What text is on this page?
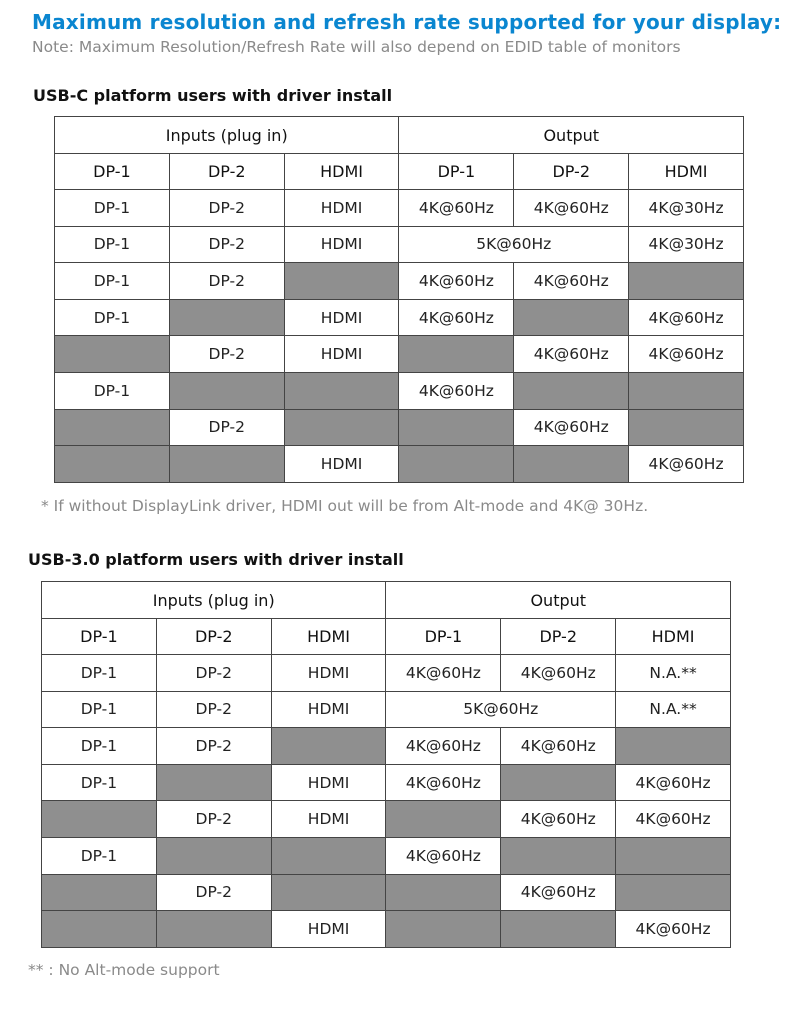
Maximum resolution and refresh rate supported for your display:

Note: Maximum Resolution/Refresh Rate will also depend on EDID table of monitors

USB-C platform users with driver install
Inputs (plug in)			Output		
DP-1	DP-2	HDMI	DP-1	DP-2	HDMI
DP-1	DP-2	HDMI	4K@60Hz	4K@60Hz	4K@30Hz
DP-1	DP-2	HDMI	5K@60Hz		4K@30Hz
DP-1	DP-2		4K@60Hz	4K@60Hz	
DP-1		HDMI	4K@60Hz		4K@60Hz
	DP-2	HDMI		4K@60Hz	4K@60Hz
DP-1			4K@60Hz		
	DP-2			4K@60Hz	
		HDMI			4K@60Hz

* If without DisplayLink driver, HDMI out will be from Alt-mode and 4K@ 30Hz.

USB-3.0 platform users with driver install
Inputs (plug in)			Output		
DP-1	DP-2	HDMI	DP-1	DP-2	HDMI
DP-1	DP-2	HDMI	4K@60Hz	4K@60Hz	N.A.**
DP-1	DP-2	HDMI	5K@60Hz		N.A.**
DP-1	DP-2		4K@60Hz	4K@60Hz	
DP-1		HDMI	4K@60Hz		4K@60Hz
	DP-2	HDMI		4K@60Hz	4K@60Hz
DP-1			4K@60Hz		
	DP-2			4K@60Hz	
		HDMI			4K@60Hz

** : No Alt-mode support
